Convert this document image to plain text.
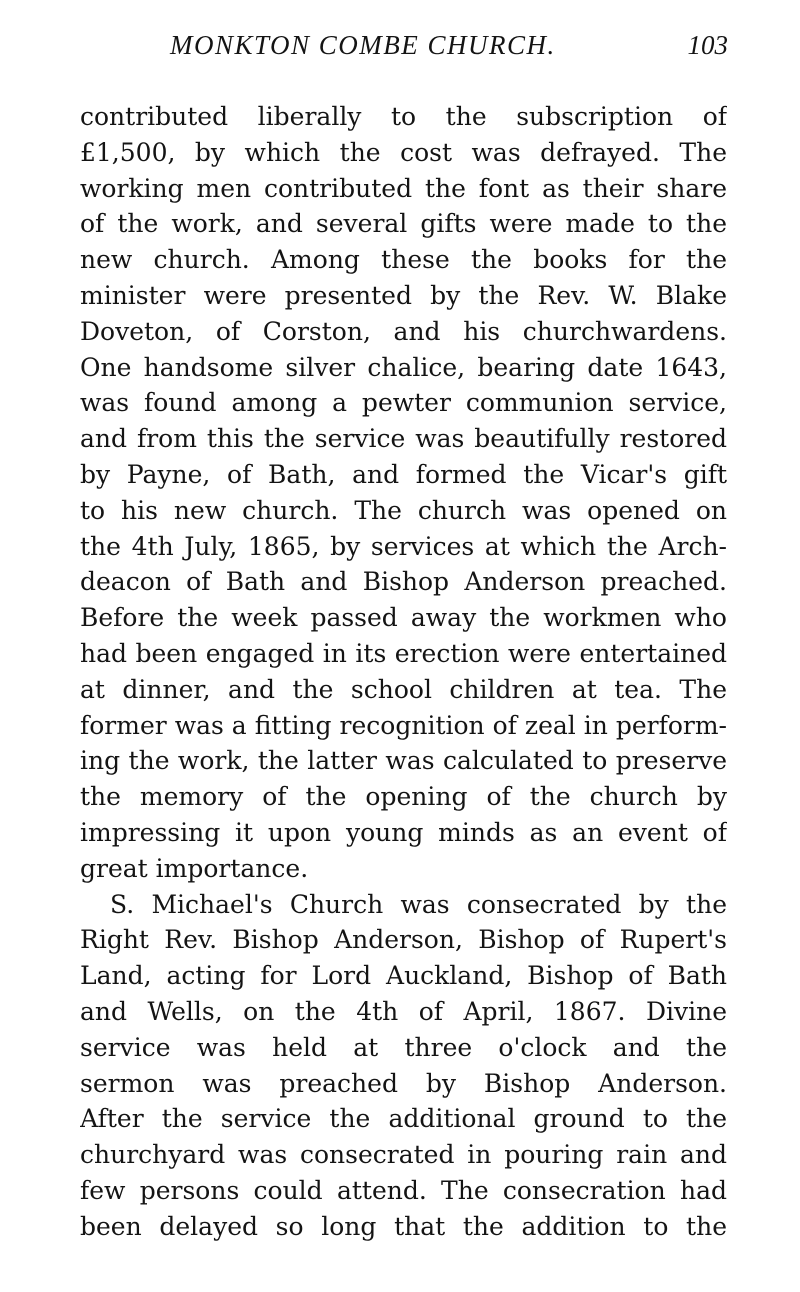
MONKTON COMBE CHURCH.	103
contributed liberally to the subscription of
£1,500, by which the cost was defrayed. The
working men contributed the font as their share
of the work, and several gifts were made to the
new church. Among these the books for the
minister were presented by the Rev. W. Blake
Doveton, of Corston, and his churchwardens.
One handsome silver chalice, bearing date 1643,
was found among a pewter communion service,
and from this the service was beautifully restored
by Payne, of Bath, and formed the Vicar's gift
to his new church. The church was opened on
the 4th July, 1865, by services at which the Arch-
deacon of Bath and Bishop Anderson preached.
Before the week passed away the workmen who
had been engaged in its erection were entertained
at dinner, and the school children at tea. The
former was a fitting recognition of zeal in perform-
ing the work, the latter was calculated to preserve
the memory of the opening of the church by
impressing it upon young minds as an event of
great importance.
S. Michael's Church was consecrated by the
Right Rev. Bishop Anderson, Bishop of Rupert's
Land, acting for Lord Auckland, Bishop of Bath
and Wells, on the 4th of April, 1867. Divine
service was held at three o'clock and the
sermon was preached by Bishop Anderson.
After the service the additional ground to the
churchyard was consecrated in pouring rain and
few persons could attend. The consecration had
been delayed so long that the addition to the
